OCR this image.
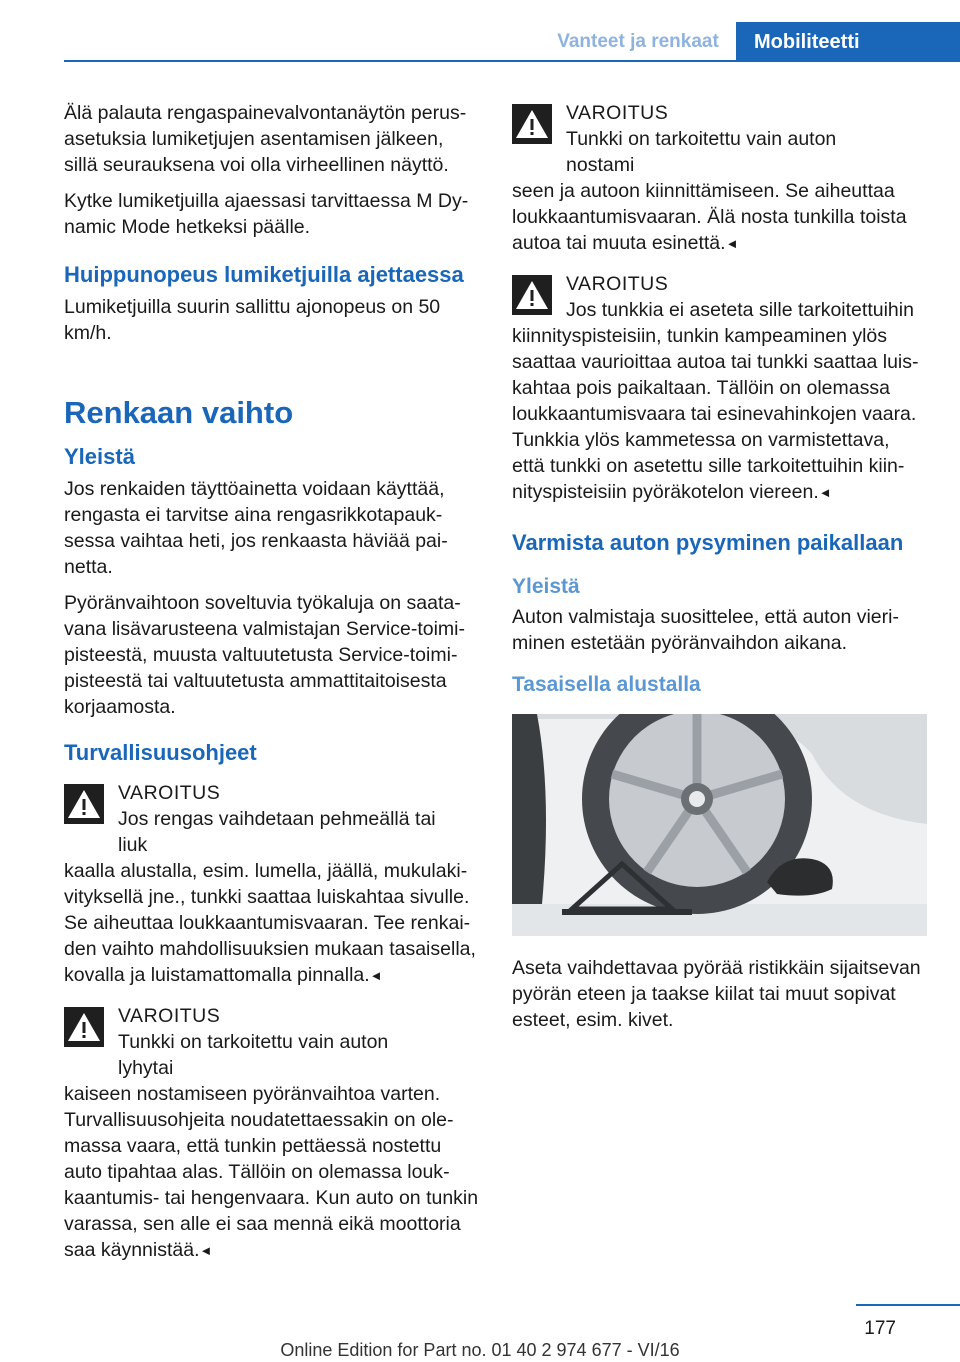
Vanteet ja renkaat	Mobiliteetti

Älä palauta rengaspainevalvontanäytön perusasetuksia lumiketjujen asentamisen jälkeen, sillä seurauksena voi olla virheellinen näyttö.

Kytke lumiketjuilla ajaessasi tarvittaessa M Dynamic Mode hetkeksi päälle.

Huippunopeus lumiketjuilla ajettaessa

Lumiketjuilla suurin sallittu ajonopeus on 50 km/h.

Renkaan vaihto
Yleistä

Jos renkaiden täyttöainetta voidaan käyttää, rengasta ei tarvitse aina rengasrikkotapauksessa vaihtaa heti, jos renkaasta häviää painetta.

Pyöränvaihtoon soveltuvia työkaluja on saatavana lisävarusteena valmistajan Service-toimipisteestä, muusta valtuutetusta Service-toimipisteestä tai valtuutetusta ammattitaitoisesta korjaamosta.

Turvallisuusohjeet
VAROITUS
Jos rengas vaihdetaan pehmeällä tai liuk
kaalla alustalla, esim. lumella, jäällä, mukulakivityksellä jne., tunkki saattaa luiskahtaa sivulle. Se aiheuttaa loukkaantumisvaaran. Tee renkaiden vaihto mahdollisuuksien mukaan tasaisella, kovalla ja luistamattomalla pinnalla.◄
VAROITUS
Tunkki on tarkoitettu vain auton lyhytai
kaiseen nostamiseen pyöränvaihtoa varten. Turvallisuusohjeita noudatettaessakin on olemassa vaara, että tunkin pettäessä nostettu auto tipahtaa alas. Tällöin on olemassa loukkaantumis- tai hengenvaara. Kun auto on tunkin varassa, sen alle ei saa mennä eikä moottoria saa käynnistää.◄
VAROITUS
Tunkki on tarkoitettu vain auton nostami
seen ja autoon kiinnittämiseen. Se aiheuttaa loukkaantumisvaaran. Älä nosta tunkilla toista autoa tai muuta esinettä.◄
VAROITUS
Jos tunkkia ei aseteta sille tarkoitettuihin
kiinnityspisteisiin, tunkin kampeaminen ylös saattaa vaurioittaa autoa tai tunkki saattaa luiskahtaa pois paikaltaan. Tällöin on olemassa loukkaantumisvaara tai esinevahinkojen vaara. Tunkkia ylös kammetessa on varmistettava, että tunkki on asetettu sille tarkoitettuihin kiinnityspisteisiin pyöräkotelon viereen.◄
Varmista auton pysyminen paikallaan
Yleistä

Auton valmistaja suosittelee, että auton vieriminen estetään pyöränvaihdon aikana.

Tasaisella alustalla

Aseta vaihdettavaa pyörää ristikkäin sijaitsevan pyörän eteen ja taakse kiilat tai muut sopivat esteet, esim. kivet.

177
Online Edition for Part no. 01 40 2 974 677 - VI/16
